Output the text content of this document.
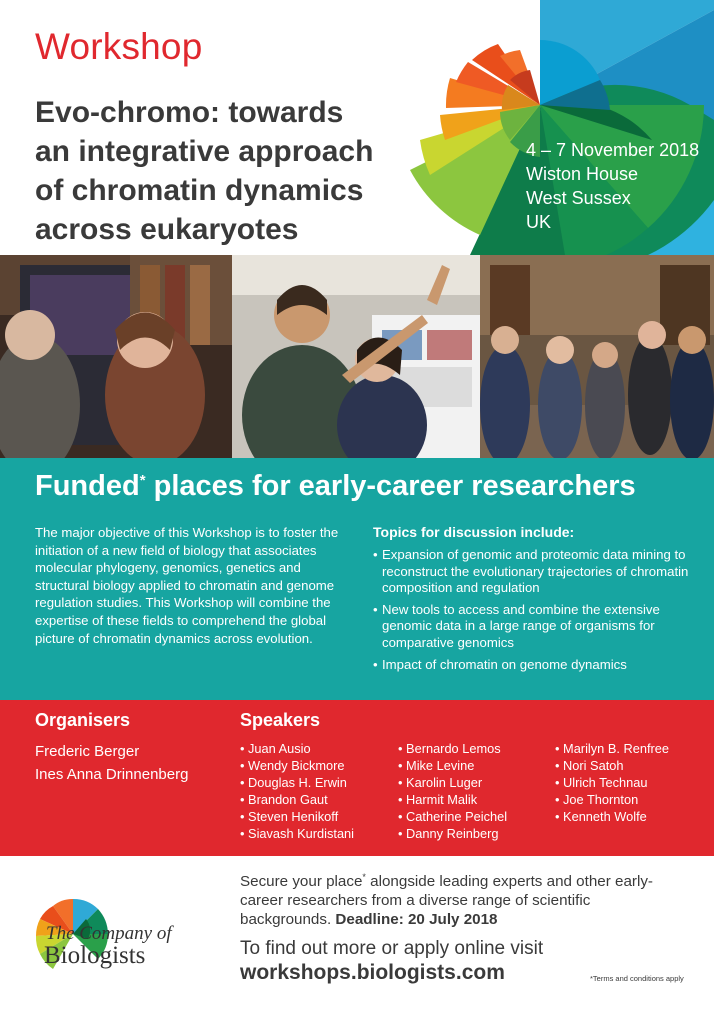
Workshop
Evo-chromo: towards
an integrative approach
of chromatin dynamics
across eukaryotes
4 – 7 November 2018
Wiston House
West Sussex
UK
Funded* places for early-career researchers

The major objective of this Workshop is to foster the initiation of a new field of biology that associates molecular phylogeny, genomics, genetics and structural biology applied to chromatin and genome regulation studies. This Workshop will combine the expertise of these fields to comprehend the global picture of chromatin dynamics across evolution.

Topics for discussion include:
• Expansion of genomic and proteomic data mining to reconstruct the evolutionary trajectories of chromatin composition and regulation
• New tools to access and combine the extensive genomic data in a large range of organisms for comparative genomics
• Impact of chromatin on genome dynamics
Organisers
Frederic Berger
Ines Anna Drinnenberg
Speakers
• Juan Ausio
• Wendy Bickmore
• Douglas H. Erwin
• Brandon Gaut
• Steven Henikoff
• Siavash Kurdistani
• Bernardo Lemos
• Mike Levine
• Karolin Luger
• Harmit Malik
• Catherine Peichel
• Danny Reinberg
• Marilyn B. Renfree
• Nori Satoh
• Ulrich Technau
• Joe Thornton
• Kenneth Wolfe
The Company of
Biologists

Secure your place* alongside leading experts and other early-career researchers from a diverse range of scientific backgrounds. Deadline: 20 July 2018

To find out more or apply online visit
workshops.biologists.com	*Terms and conditions apply
